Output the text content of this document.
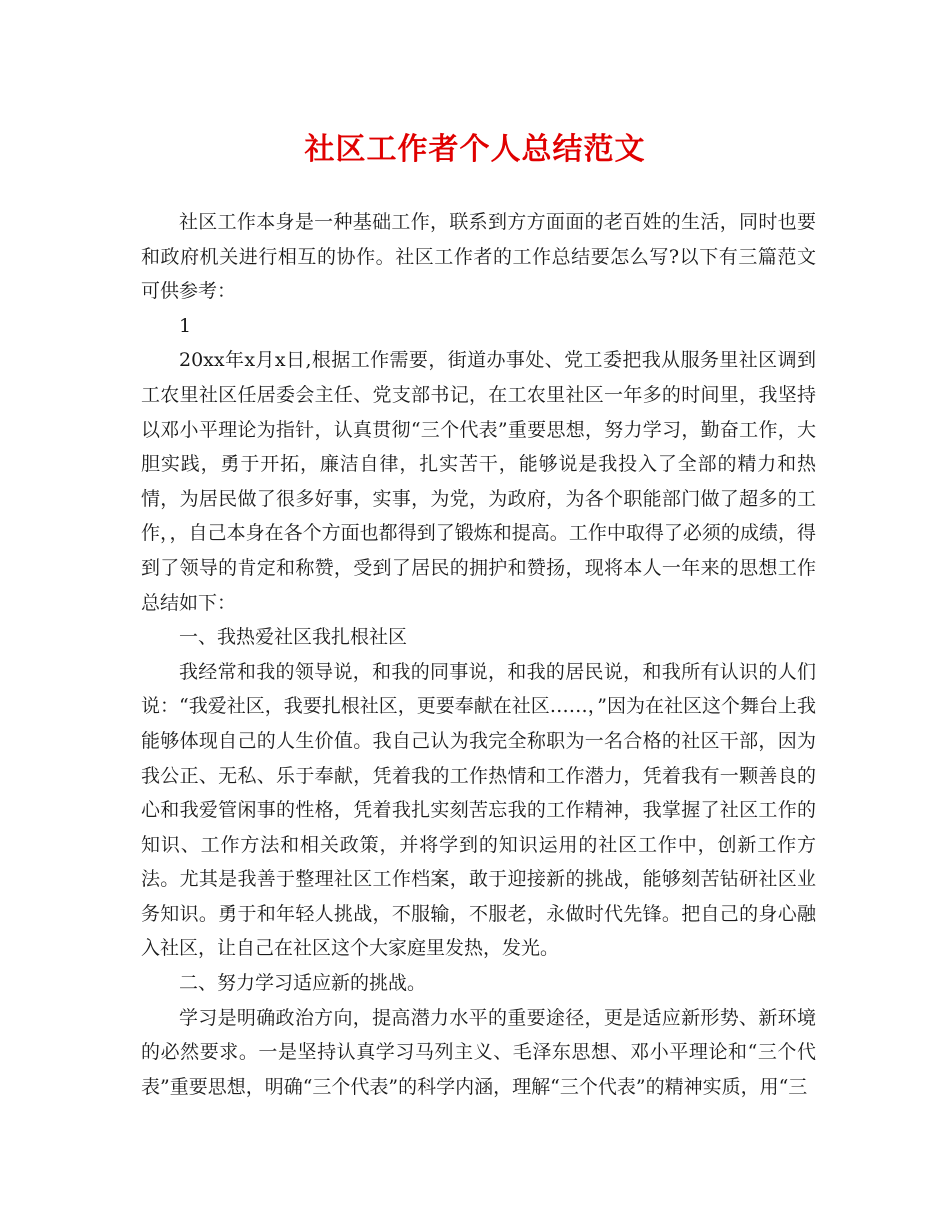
社区工作者个人总结范文

社区工作本身是一种基础工作，联系到方方面面的老百姓的生活，同时也要和政府机关进行相互的协作。社区工作者的工作总结要怎么写?以下有三篇范文可供参考：

1

20xx年x月x日,根据工作需要，街道办事处、党工委把我从服务里社区调到工农里社区任居委会主任、党支部书记，在工农里社区一年多的时间里，我坚持以邓小平理论为指针，认真贯彻“三个代表”重要思想，努力学习，勤奋工作，大胆实践，勇于开拓，廉洁自律，扎实苦干，能够说是我投入了全部的精力和热情，为居民做了很多好事，实事，为党，为政府，为各个职能部门做了超多的工作，，自己本身在各个方面也都得到了锻炼和提高。工作中取得了必须的成绩，得到了领导的肯定和称赞，受到了居民的拥护和赞扬，现将本人一年来的思想工作总结如下：

一、我热爱社区我扎根社区

我经常和我的领导说，和我的同事说，和我的居民说，和我所有认识的人们说：“我爱社区，我要扎根社区，更要奉献在社区……，”因为在社区这个舞台上我能够体现自己的人生价值。我自己认为我完全称职为一名合格的社区干部，因为我公正、无私、乐于奉献，凭着我的工作热情和工作潜力，凭着我有一颗善良的心和我爱管闲事的性格，凭着我扎实刻苦忘我的工作精神，我掌握了社区工作的知识、工作方法和相关政策，并将学到的知识运用的社区工作中，创新工作方法。尤其是我善于整理社区工作档案，敢于迎接新的挑战，能够刻苦钻研社区业务知识。勇于和年轻人挑战，不服输，不服老，永做时代先锋。把自己的身心融入社区，让自己在社区这个大家庭里发热，发光。

二、努力学习适应新的挑战。

学习是明确政治方向，提高潜力水平的重要途径，更是适应新形势、新环境的必然要求。一是坚持认真学习马列主义、毛泽东思想、邓小平理论和“三个代表”重要思想，明确“三个代表”的科学内涵，理解“三个代表”的精神实质，用“三
